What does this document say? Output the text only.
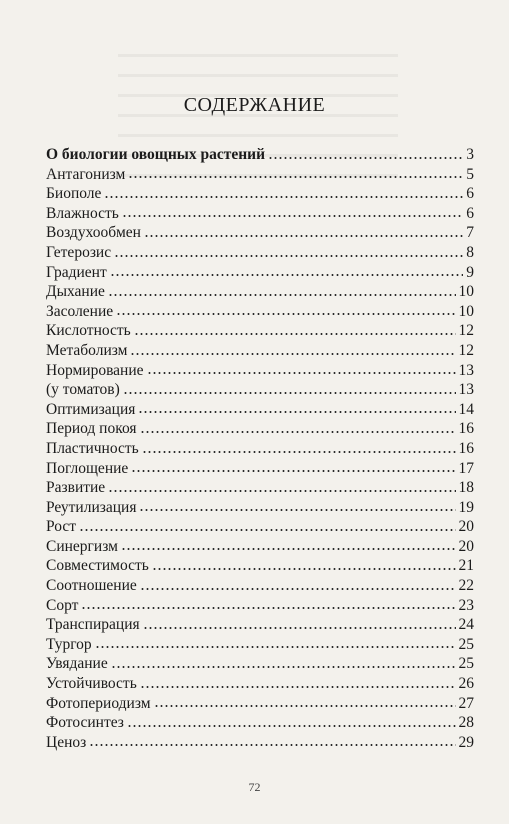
СОДЕРЖАНИЕ
О биологии овощных растений	3
Антагонизм	5
Биополе	6
Влажность	6
Воздухообмен	7
Гетерозис	8
Градиент	9
Дыхание	10
Засоление	10
Кислотность	12
Метаболизм	12
Нормирование	13
(у томатов)	13
Оптимизация	14
Период покоя	16
Пластичность	16
Поглощение	17
Развитие	18
Реутилизация	19
Рост	20
Синергизм	20
Совместимость	21
Соотношение	22
Сорт	23
Транспирация	24
Тургор	25
Увядание	25
Устойчивость	26
Фотопериодизм	27
Фотосинтез	28
Ценоз	29
72
